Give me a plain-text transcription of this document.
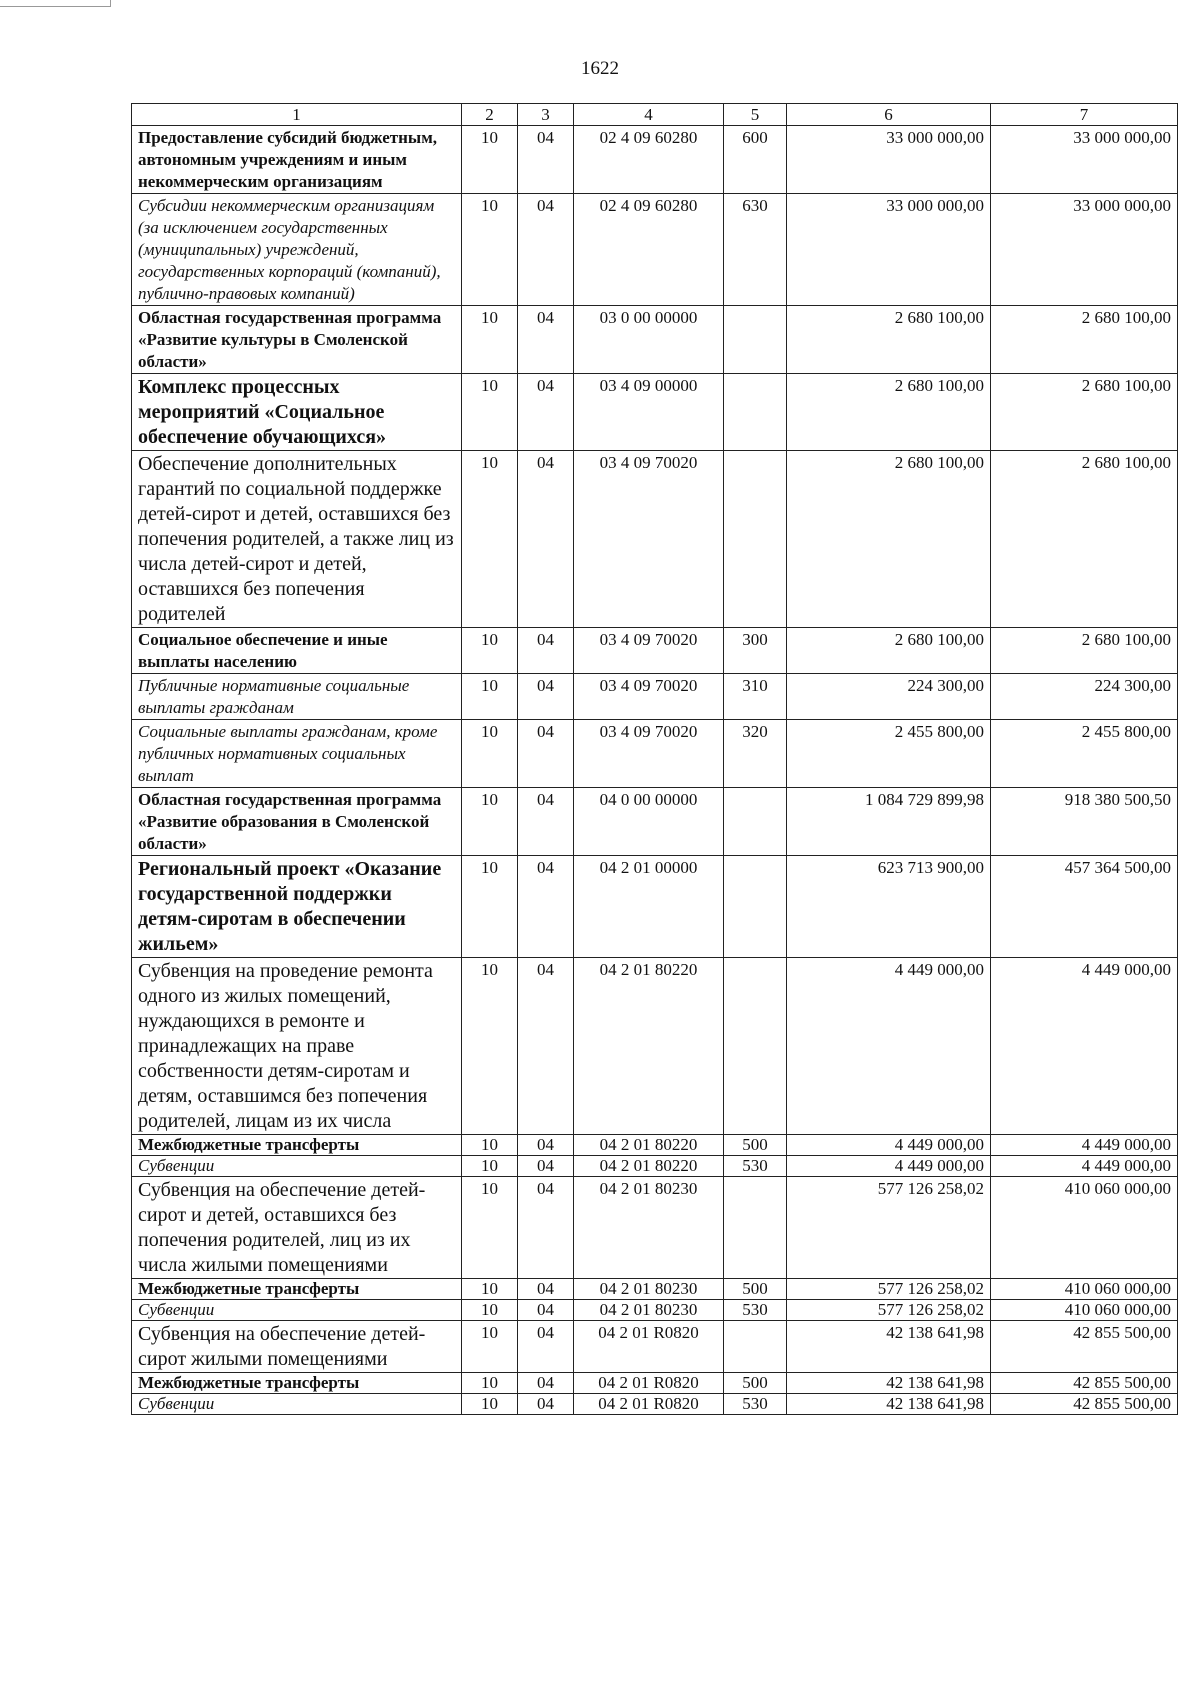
1622
1	2	3	4	5	6	7
Предоставление субсидий бюджетным, автономным учреждениям и иным некоммерческим организациям	10	04	02 4 09 60280	600	33 000 000,00	33 000 000,00
Субсидии некоммерческим организациям (за исключением государственных (муниципальных) учреждений, государственных корпораций (компаний), публично-правовых компаний)	10	04	02 4 09 60280	630	33 000 000,00	33 000 000,00
Областная государственная программа «Развитие культуры в Смоленской области»	10	04	03 0 00 00000		2 680 100,00	2 680 100,00
Комплекс процессных мероприятий «Социальное обеспечение обучающихся»	10	04	03 4 09 00000		2 680 100,00	2 680 100,00
Обеспечение дополнительных гарантий по социальной поддержке детей-сирот и детей, оставшихся без попечения родителей, а также лиц из числа детей-сирот и детей, оставшихся без попечения родителей	10	04	03 4 09 70020		2 680 100,00	2 680 100,00
Социальное обеспечение и иные выплаты населению	10	04	03 4 09 70020	300	2 680 100,00	2 680 100,00
Публичные нормативные социальные выплаты гражданам	10	04	03 4 09 70020	310	224 300,00	224 300,00
Социальные выплаты гражданам, кроме публичных нормативных социальных выплат	10	04	03 4 09 70020	320	2 455 800,00	2 455 800,00
Областная государственная программа «Развитие образования в Смоленской области»	10	04	04 0 00 00000		1 084 729 899,98	918 380 500,50
Региональный проект «Оказание государственной поддержки детям-сиротам в обеспечении жильем»	10	04	04 2 01 00000		623 713 900,00	457 364 500,00
Субвенция на проведение ремонта одного из жилых помещений, нуждающихся в ремонте и принадлежащих на праве собственности детям-сиротам и детям, оставшимся без попечения родителей, лицам из их числа	10	04	04 2 01 80220		4 449 000,00	4 449 000,00
Межбюджетные трансферты	10	04	04 2 01 80220	500	4 449 000,00	4 449 000,00
Субвенции	10	04	04 2 01 80220	530	4 449 000,00	4 449 000,00
Субвенция на обеспечение детей-сирот и детей, оставшихся без попечения родителей, лиц из их числа жилыми помещениями	10	04	04 2 01 80230		577 126 258,02	410 060 000,00
Межбюджетные трансферты	10	04	04 2 01 80230	500	577 126 258,02	410 060 000,00
Субвенции	10	04	04 2 01 80230	530	577 126 258,02	410 060 000,00
Субвенция на обеспечение детей-сирот жилыми помещениями	10	04	04 2 01 R0820		42 138 641,98	42 855 500,00
Межбюджетные трансферты	10	04	04 2 01 R0820	500	42 138 641,98	42 855 500,00
Субвенции	10	04	04 2 01 R0820	530	42 138 641,98	42 855 500,00
